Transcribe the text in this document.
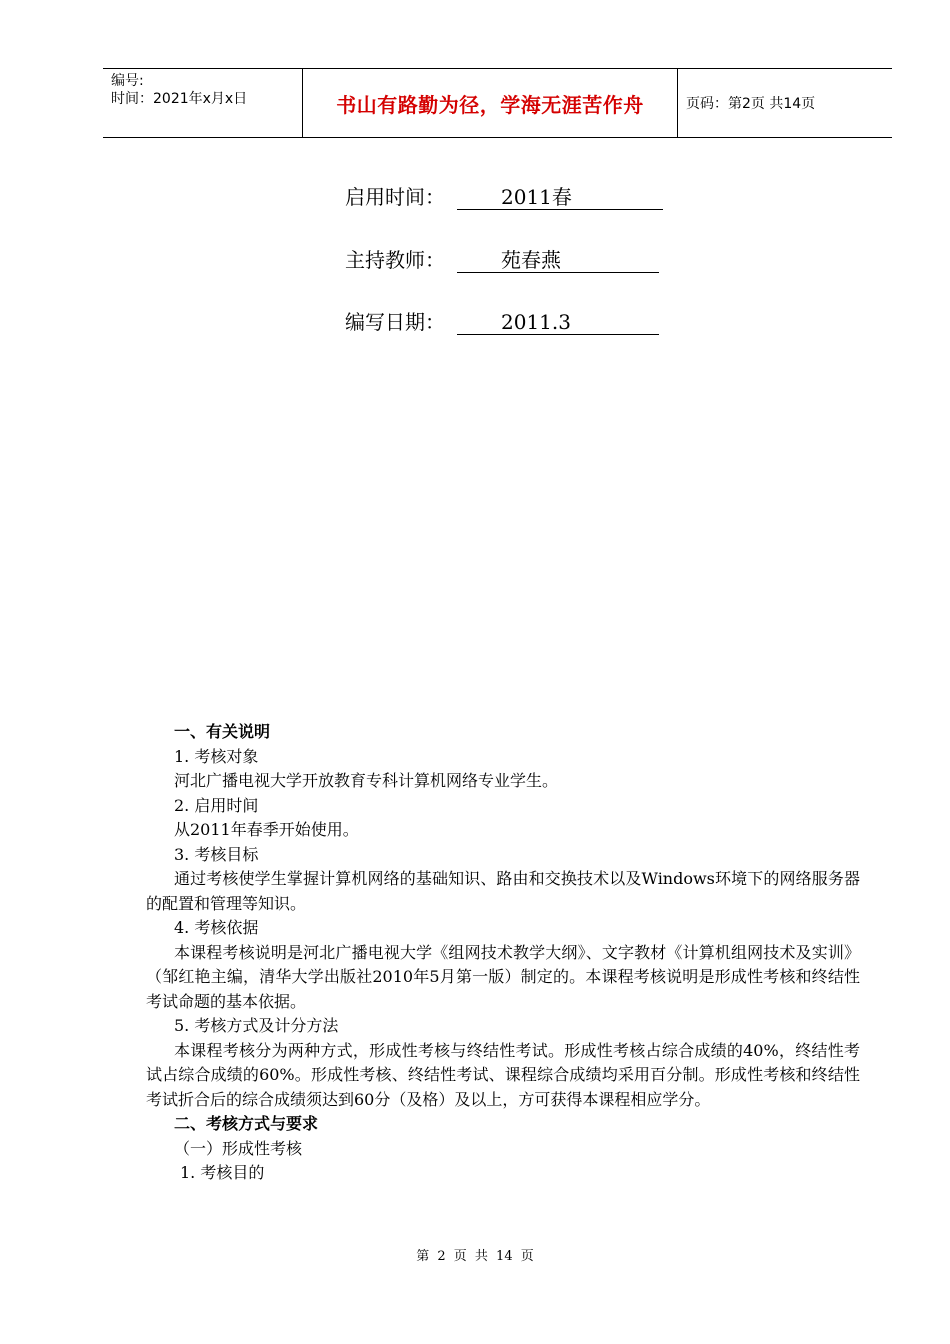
编号:
时间：2021年x月x日	书山有路勤为径，学海无涯苦作舟	页码：第2页 共14页
启用时间：	2011春
主持教师：	苑春燕
编写日期：	2011.3

一、有关说明

1. 考核对象

河北广播电视大学开放教育专科计算机网络专业学生。

2. 启用时间

从2011年春季开始使用。

3. 考核目标

通过考核使学生掌握计算机网络的基础知识、路由和交换技术以及Windows环境下的网络服务器的配置和管理等知识。

4. 考核依据

本课程考核说明是河北广播电视大学《组网技术教学大纲》、文字教材《计算机组网技术及实训》（邹红艳主编，清华大学出版社2010年5月第一版）制定的。本课程考核说明是形成性考核和终结性考试命题的基本依据。

5. 考核方式及计分方法

本课程考核分为两种方式，形成性考核与终结性考试。形成性考核占综合成绩的40%，终结性考试占综合成绩的60%。形成性考核、终结性考试、课程综合成绩均采用百分制。形成性考核和终结性考试折合后的综合成绩须达到60分（及格）及以上，方可获得本课程相应学分。

二、考核方式与要求

（一）形成性考核

1. 考核目的

第 2 页 共 14 页
